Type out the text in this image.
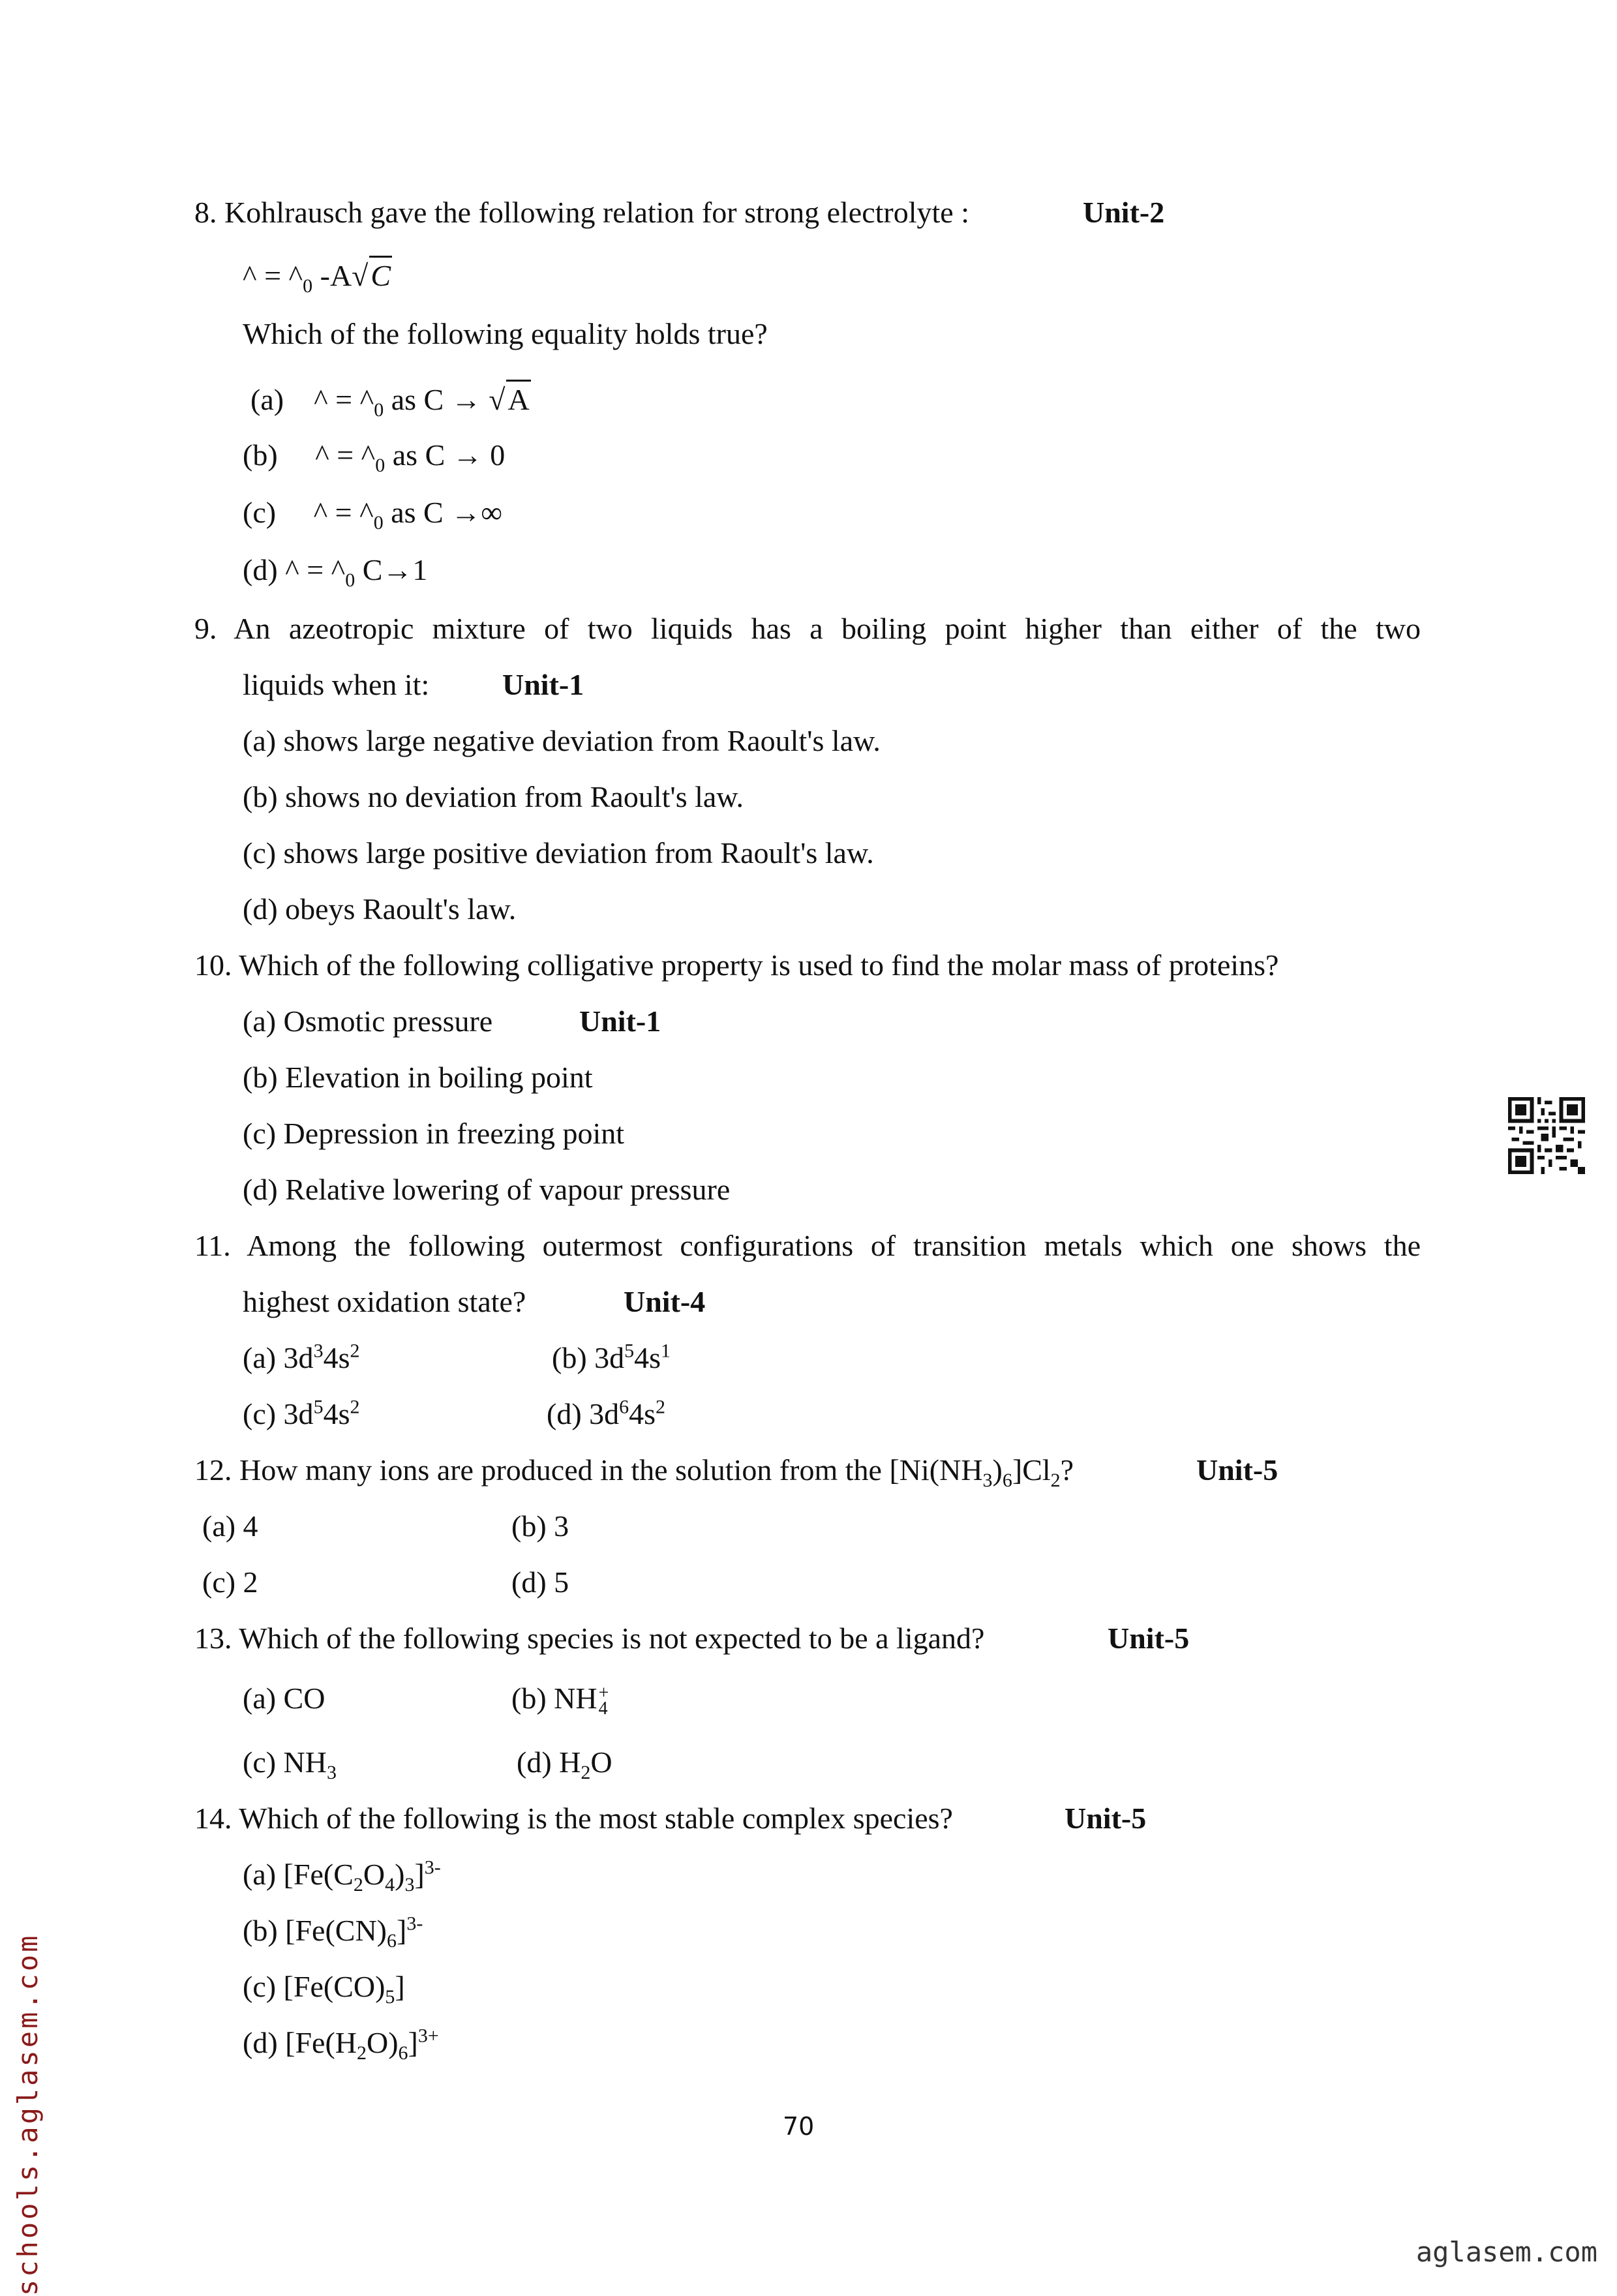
8. Kohlrausch gave the following relation for strong electrolyte :	Unit-2
^ = $\^{}_0$ -A√C
Which of the following equality holds true?
(a) ^ = $\^{}_0$ as C → √A
(b) ^ = $\^{}_0$ as C → 0
(c) ^ = $\^{}_0$ as C →∞
(d) ^ = $\^{}_0$ C→1
9. An azeotropic mixture of two liquids has a boiling point higher than either of the two
liquids when it: Unit-1
(a) shows large negative deviation from Raoult's law.
(b) shows no deviation from Raoult's law.
(c) shows large positive deviation from Raoult's law.
(d) obeys Raoult's law.
10. Which of the following colligative property is used to find the molar mass of proteins?
(a) Osmotic pressure	Unit-1
(b) Elevation in boiling point
(c) Depression in freezing point
(d) Relative lowering of vapour pressure
11. Among the following outermost configurations of transition metals which one shows the
highest oxidation state?	Unit-4
(a) $3d^34s^2$	(b) $3d^54s^1$
(c) $3d^54s^2$	(d) $3d^64s^2$
12. How many ions are produced in the solution from the $[Ni(NH_3)_6]Cl_2$?	Unit-5
(a) 4	(b) 3
(c) 2	(d) 5
13. Which of the following species is not expected to be a ligand?	Unit-5
(a) CO	(b) NH +
4
(c) $NH_3$	(d) $H_2O$
14. Which of the following is the most stable complex species?	Unit-5
(a) $[Fe(C_2O_4)_3]^{3-}$
(b) $[Fe(CN)_6]^{3-}$
(c) $[Fe(CO)_5]$
(d) $[Fe(H_2O)_6]^{3+}$
70
schools.aglasem.com	aglasem.com
